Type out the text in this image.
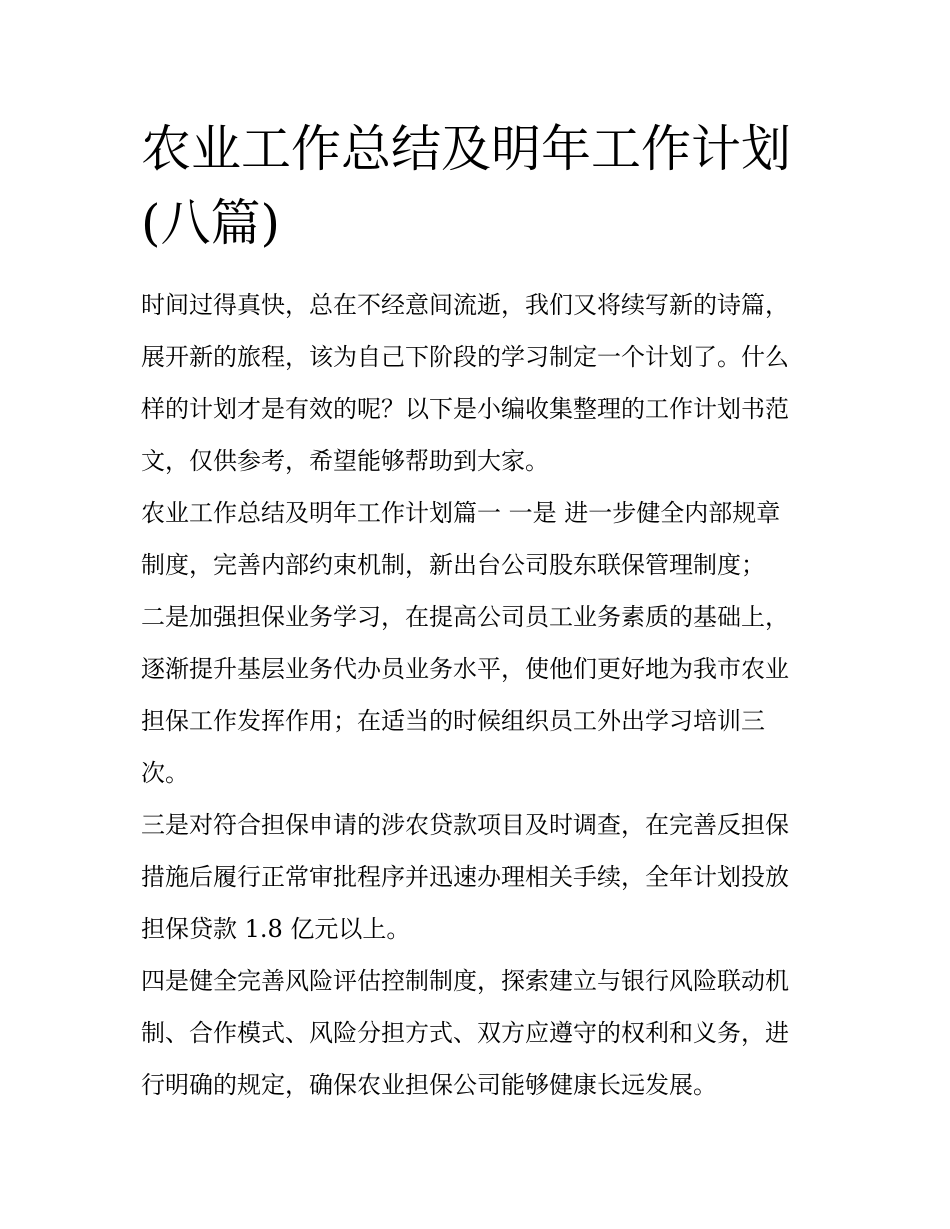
农业工作总结及明年工作计划
(八篇)

时间过得真快，总在不经意间流逝，我们又将续写新的诗篇，
展开新的旅程，该为自己下阶段的学习制定一个计划了。什么
样的计划才是有效的呢？以下是小编收集整理的工作计划书范
文，仅供参考，希望能够帮助到大家。

农业工作总结及明年工作计划篇一 一是 进一步健全内部规章
制度，完善内部约束机制，新出台公司股东联保管理制度；

二是加强担保业务学习，在提高公司员工业务素质的基础上，
逐渐提升基层业务代办员业务水平，使他们更好地为我市农业
担保工作发挥作用；在适当的时候组织员工外出学习培训三
次。

三是对符合担保申请的涉农贷款项目及时调查，在完善反担保
措施后履行正常审批程序并迅速办理相关手续，全年计划投放
担保贷款 1.8 亿元以上。

四是健全完善风险评估控制制度，探索建立与银行风险联动机
制、合作模式、风险分担方式、双方应遵守的权利和义务，进
行明确的规定，确保农业担保公司能够健康长远发展。
